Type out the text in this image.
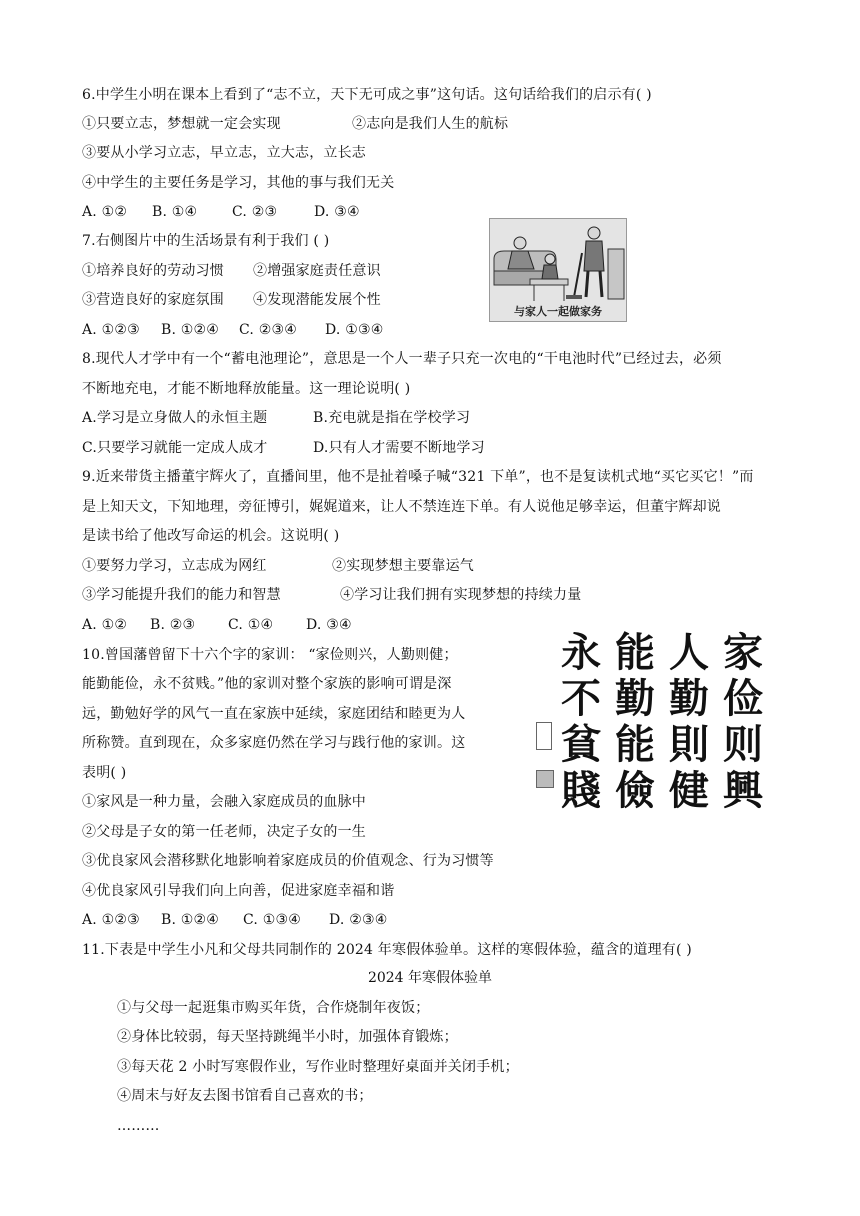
6.中学生小明在课本上看到了“志不立，天下无可成之事”这句话。这句话给我们的启示有( )
①只要立志，梦想就一定会实现	②志向是我们人生的航标
③要从小学习立志，早立志，立大志，立长志
④中学生的主要任务是学习，其他的事与我们无关
A. ①② B. ①④ C. ②③	D. ③④
7.右侧图片中的生活场景有利于我们 ( )
①培养良好的劳动习惯 ②增强家庭责任意识
③营造良好的家庭氛围 ④发现潜能发展个性
A. ①②③ B. ①②④ C. ②③④ D. ①③④
与家人一起做家务
8.现代人才学中有一个“蓄电池理论”，意思是一个人一辈子只充一次电的“干电池时代”已经过去，必须
不断地充电，才能不断地释放能量。这一理论说明( )
A.学习是立身做人的永恒主题	B.充电就是指在学校学习
C.只要学习就能一定成人成才	D.只有人才需要不断地学习
9.近来带货主播董宇辉火了，直播间里，他不是扯着嗓子喊“321 下单”，也不是复读机式地“买它买它！”而
是上知天文，下知地理，旁征博引，娓娓道来，让人不禁连连下单。有人说他足够幸运，但董宇辉却说
是读书给了他改写命运的机会。这说明( )
①要努力学习，立志成为网红	②实现梦想主要靠运气
③学习能提升我们的能力和智慧	④学习让我们拥有实现梦想的持续力量
A. ①② B. ②③ C. ①④ D. ③④
10.曾国藩曾留下十六个字的家训： “家俭则兴，人勤则健；
能勤能俭，永不贫贱。”他的家训对整个家族的影响可谓是深
远，勤勉好学的风气一直在家族中延续，家庭团结和睦更为人
所称赞。直到现在，众多家庭仍然在学习与践行他的家训。这
表明( )
①家风是一种力量，会融入家庭成员的血脉中
②父母是子女的第一任老师，决定子女的一生
③优良家风会潜移默化地影响着家庭成员的价值观念、行为习惯等
④优良家风引导我们向上向善，促进家庭幸福和谐
A. ①②③ B. ①②④ C. ①③④ D. ②③④
永
不
貧
賤
能
勤
能
儉
人
勤
則
健
家
俭
则
興
11.下表是中学生小凡和父母共同制作的 2024 年寒假体验单。这样的寒假体验，蕴含的道理有( )
2024 年寒假体验单
①与父母一起逛集市购买年货，合作烧制年夜饭；
②身体比较弱，每天坚持跳绳半小时，加强体育锻炼；
③每天花 2 小时写寒假作业，写作业时整理好桌面并关闭手机；
④周末与好友去图书馆看自己喜欢的书；
………
